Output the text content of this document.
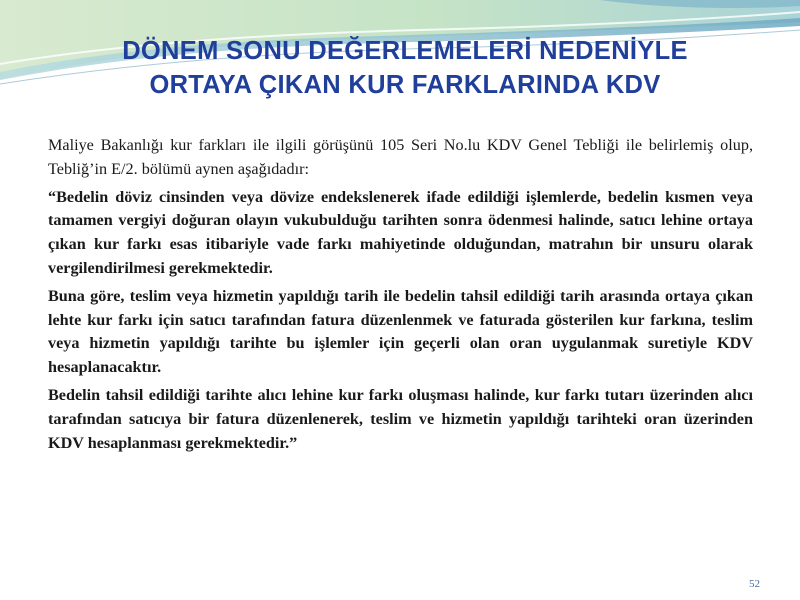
DÖNEM SONU DEĞERLEMELERİ NEDENİYLE
ORTAYA ÇIKAN KUR FARKLARINDA KDV

Maliye Bakanlığı kur farkları ile ilgili görüşünü 105 Seri No.lu KDV Genel Tebliği ile belirlemiş olup, Tebliğ’in E/2. bölümü aynen aşağıdadır:

“Bedelin döviz cinsinden veya dövize endekslenerek ifade edildiği işlemlerde, bedelin kısmen veya tamamen vergiyi doğuran olayın vukubulduğu tarihten sonra ödenmesi halinde, satıcı lehine ortaya çıkan kur farkı esas itibariyle vade farkı mahiyetinde olduğundan, matrahın bir unsuru olarak vergilendirilmesi gerekmektedir.

Buna göre, teslim veya hizmetin yapıldığı tarih ile bedelin tahsil edildiği tarih arasında ortaya çıkan lehte kur farkı için satıcı tarafından fatura düzenlenmek ve faturada gösterilen kur farkına, teslim veya hizmetin yapıldığı tarihte bu işlemler için geçerli olan oran uygulanmak suretiyle KDV hesaplanacaktır.

Bedelin tahsil edildiği tarihte alıcı lehine kur farkı oluşması halinde, kur farkı tutarı üzerinden alıcı tarafından satıcıya bir fatura düzenlenerek, teslim ve hizmetin yapıldığı tarihteki oran üzerinden KDV hesaplanması gerekmektedir.”

52
